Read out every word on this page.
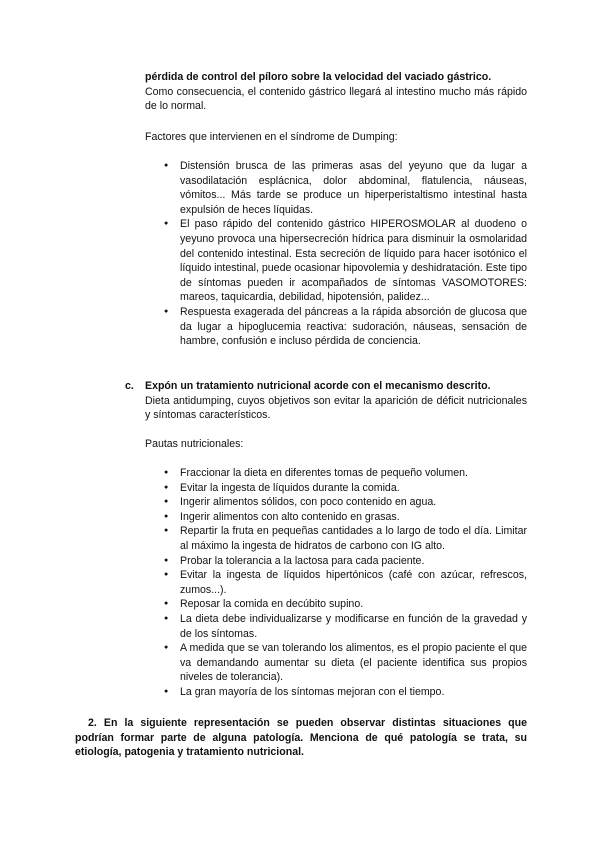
pérdida de control del píloro sobre la velocidad del vaciado gástrico.

Como consecuencia, el contenido gástrico llegará al intestino mucho más rápido de lo normal.

Factores que intervienen en el síndrome de Dumping:

● Distensión brusca de las primeras asas del yeyuno que da lugar a vasodilatación esplácnica, dolor abdominal, flatulencia, náuseas, vómitos... Más tarde se produce un hiperperistaltismo intestinal hasta expulsión de heces líquidas.
● El paso rápido del contenido gástrico HIPEROSMOLAR al duodeno o yeyuno provoca una hipersecreción hídrica para disminuir la osmolaridad del contenido intestinal. Esta secreción de líquido para hacer isotónico el líquido intestinal, puede ocasionar hipovolemia y deshidratación. Este tipo de síntomas pueden ir acompañados de síntomas VASOMOTORES: mareos, taquicardia, debilidad, hipotensión, palidez...
● Respuesta exagerada del páncreas a la rápida absorción de glucosa que da lugar a hipoglucemia reactiva: sudoración, náuseas, sensación de hambre, confusión e incluso pérdida de conciencia.
c.	Expón un tratamiento nutricional acorde con el mecanismo descrito.

Dieta antidumping, cuyos objetivos son evitar la aparición de déficit nutricionales y síntomas característicos.

Pautas nutricionales:

● Fraccionar la dieta en diferentes tomas de pequeño volumen.
● Evitar la ingesta de líquidos durante la comida.
● Ingerir alimentos sólidos, con poco contenido en agua.
● Ingerir alimentos con alto contenido en grasas.
● Repartir la fruta en pequeñas cantidades a lo largo de todo el día. Limitar al máximo la ingesta de hidratos de carbono con IG alto.
● Probar la tolerancia a la lactosa para cada paciente.
● Evitar la ingesta de líquidos hipertónicos (café con azúcar, refrescos, zumos...).
● Reposar la comida en decúbito supino.
● La dieta debe individualizarse y modificarse en función de la gravedad y de los síntomas.
● A medida que se van tolerando los alimentos, es el propio paciente el que va demandando aumentar su dieta (el paciente identifica sus propios niveles de tolerancia).
● La gran mayoría de los síntomas mejoran con el tiempo.
2. En la siguiente representación se pueden observar distintas situaciones que podrían formar parte de alguna patología. Menciona de qué patología se trata, su etiología, patogenia y tratamiento nutricional.
